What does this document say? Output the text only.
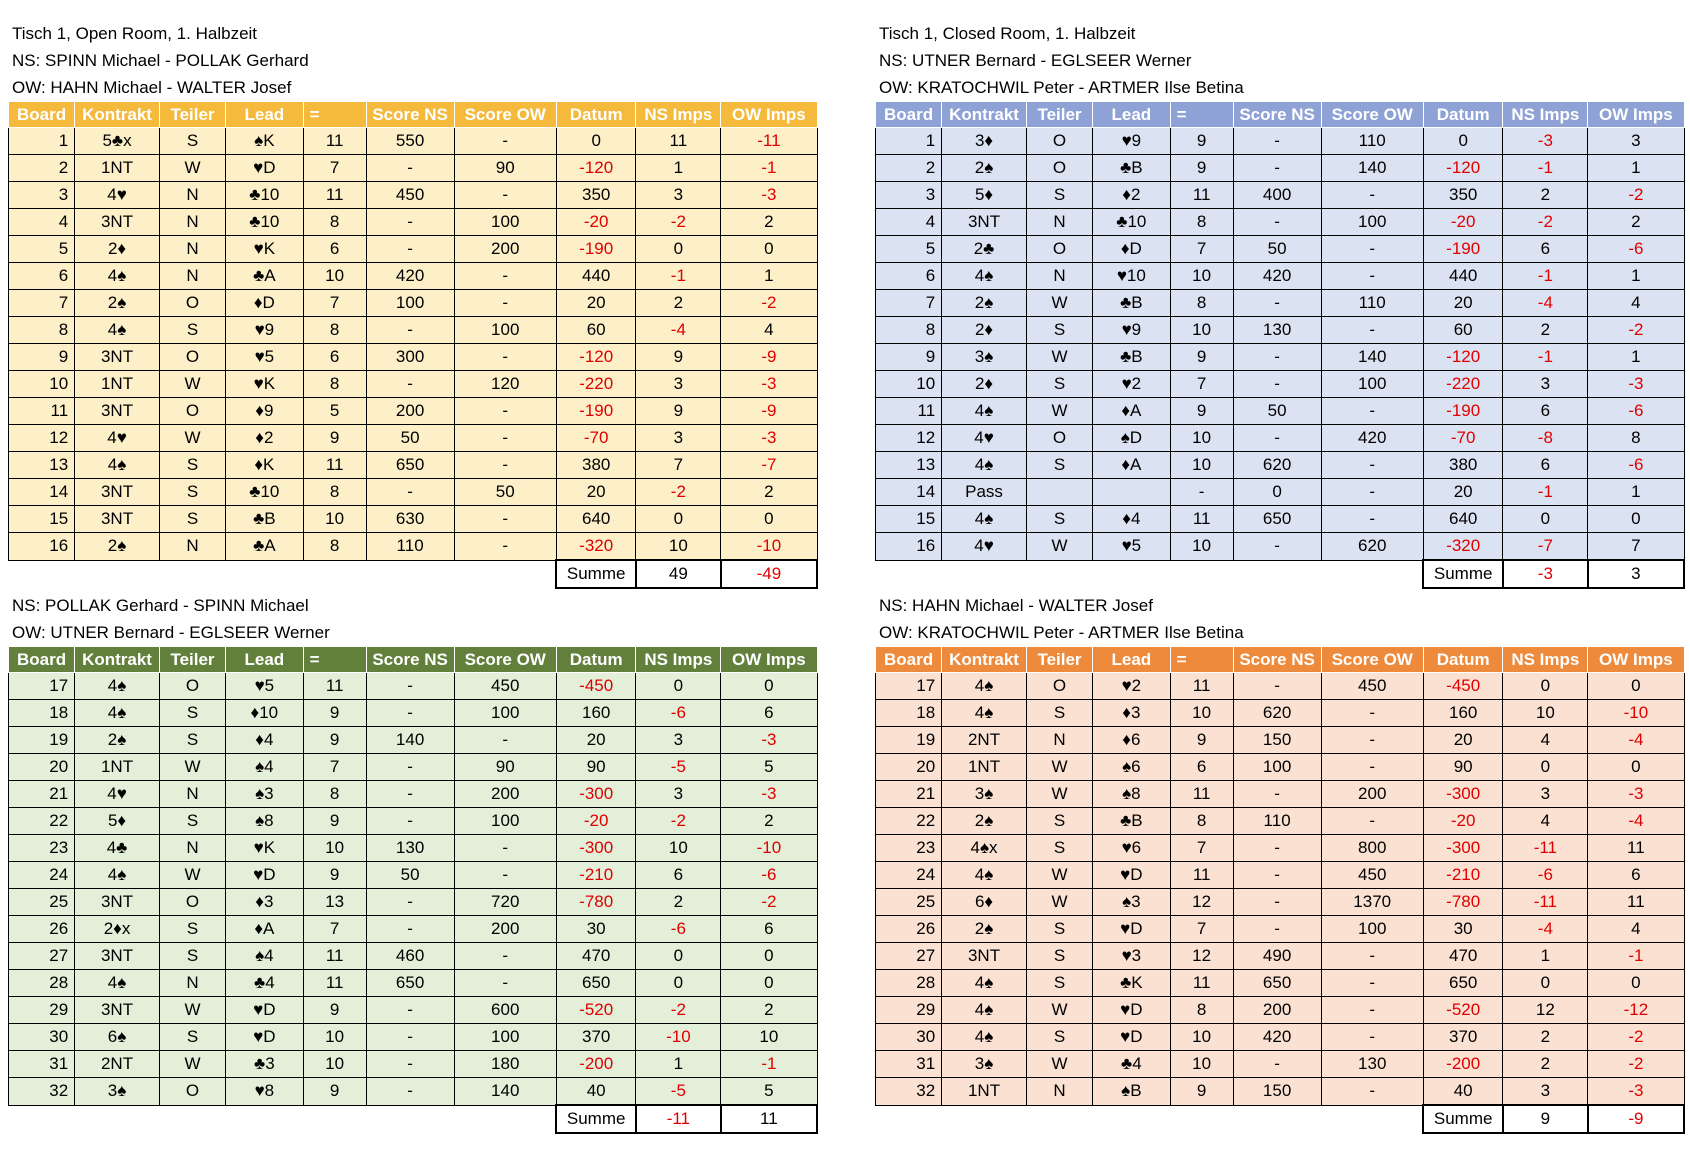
Tisch 1, Open Room, 1. Halbzeit
NS: SPINN Michael - POLLAK Gerhard
OW: HAHN Michael - WALTER Josef
Board	Kontrakt	Teiler	Lead	=	Score NS	Score OW	Datum	NS Imps	OW Imps
1	5♣x	S	♠K	11	550	-	0	11	-11
2	1NT	W	♥D	7	-	90	-120	1	-1
3	4♥	N	♣10	11	450	-	350	3	-3
4	3NT	N	♣10	8	-	100	-20	-2	2
5	2♦	N	♥K	6	-	200	-190	0	0
6	4♠	N	♣A	10	420	-	440	-1	1
7	2♠	O	♦D	7	100	-	20	2	-2
8	4♠	S	♥9	8	-	100	60	-4	4
9	3NT	O	♥5	6	300	-	-120	9	-9
10	1NT	W	♥K	8	-	120	-220	3	-3
11	3NT	O	♦9	5	200	-	-190	9	-9
12	4♥	W	♦2	9	50	-	-70	3	-3
13	4♠	S	♦K	11	650	-	380	7	-7
14	3NT	S	♣10	8	-	50	20	-2	2
15	3NT	S	♣B	10	630	-	640	0	0
16	2♠	N	♣A	8	110	-	-320	10	-10
							Summe	49	-49
Tisch 1, Closed Room, 1. Halbzeit
NS: UTNER Bernard - EGLSEER Werner
OW: KRATOCHWIL Peter - ARTMER Ilse Betina
Board	Kontrakt	Teiler	Lead	=	Score NS	Score OW	Datum	NS Imps	OW Imps
1	3♦	O	♥9	9	-	110	0	-3	3
2	2♠	O	♣B	9	-	140	-120	-1	1
3	5♦	S	♦2	11	400	-	350	2	-2
4	3NT	N	♣10	8	-	100	-20	-2	2
5	2♣	O	♦D	7	50	-	-190	6	-6
6	4♠	N	♥10	10	420	-	440	-1	1
7	2♠	W	♣B	8	-	110	20	-4	4
8	2♦	S	♥9	10	130	-	60	2	-2
9	3♠	W	♣B	9	-	140	-120	-1	1
10	2♦	S	♥2	7	-	100	-220	3	-3
11	4♠	W	♦A	9	50	-	-190	6	-6
12	4♥	O	♠D	10	-	420	-70	-8	8
13	4♠	S	♦A	10	620	-	380	6	-6
14	Pass			-	0	-	20	-1	1
15	4♠	S	♦4	11	650	-	640	0	0
16	4♥	W	♥5	10	-	620	-320	-7	7
							Summe	-3	3
NS: POLLAK Gerhard - SPINN Michael
OW: UTNER Bernard - EGLSEER Werner
Board	Kontrakt	Teiler	Lead	=	Score NS	Score OW	Datum	NS Imps	OW Imps
17	4♠	O	♥5	11	-	450	-450	0	0
18	4♠	S	♦10	9	-	100	160	-6	6
19	2♠	S	♦4	9	140	-	20	3	-3
20	1NT	W	♠4	7	-	90	90	-5	5
21	4♥	N	♠3	8	-	200	-300	3	-3
22	5♦	S	♠8	9	-	100	-20	-2	2
23	4♣	N	♥K	10	130	-	-300	10	-10
24	4♠	W	♥D	9	50	-	-210	6	-6
25	3NT	O	♦3	13	-	720	-780	2	-2
26	2♦x	S	♦A	7	-	200	30	-6	6
27	3NT	S	♠4	11	460	-	470	0	0
28	4♠	N	♣4	11	650	-	650	0	0
29	3NT	W	♥D	9	-	600	-520	-2	2
30	6♠	S	♥D	10	-	100	370	-10	10
31	2NT	W	♣3	10	-	180	-200	1	-1
32	3♠	O	♥8	9	-	140	40	-5	5
							Summe	-11	11
NS: HAHN Michael - WALTER Josef
OW: KRATOCHWIL Peter - ARTMER Ilse Betina
Board	Kontrakt	Teiler	Lead	=	Score NS	Score OW	Datum	NS Imps	OW Imps
17	4♠	O	♥2	11	-	450	-450	0	0
18	4♠	S	♦3	10	620	-	160	10	-10
19	2NT	N	♦6	9	150	-	20	4	-4
20	1NT	W	♠6	6	100	-	90	0	0
21	3♠	W	♠8	11	-	200	-300	3	-3
22	2♠	S	♣B	8	110	-	-20	4	-4
23	4♠x	S	♥6	7	-	800	-300	-11	11
24	4♠	W	♥D	11	-	450	-210	-6	6
25	6♦	W	♠3	12	-	1370	-780	-11	11
26	2♠	S	♥D	7	-	100	30	-4	4
27	3NT	S	♥3	12	490	-	470	1	-1
28	4♠	S	♣K	11	650	-	650	0	0
29	4♠	W	♥D	8	200	-	-520	12	-12
30	4♠	S	♥D	10	420	-	370	2	-2
31	3♠	W	♣4	10	-	130	-200	2	-2
32	1NT	N	♠B	9	150	-	40	3	-3
							Summe	9	-9
